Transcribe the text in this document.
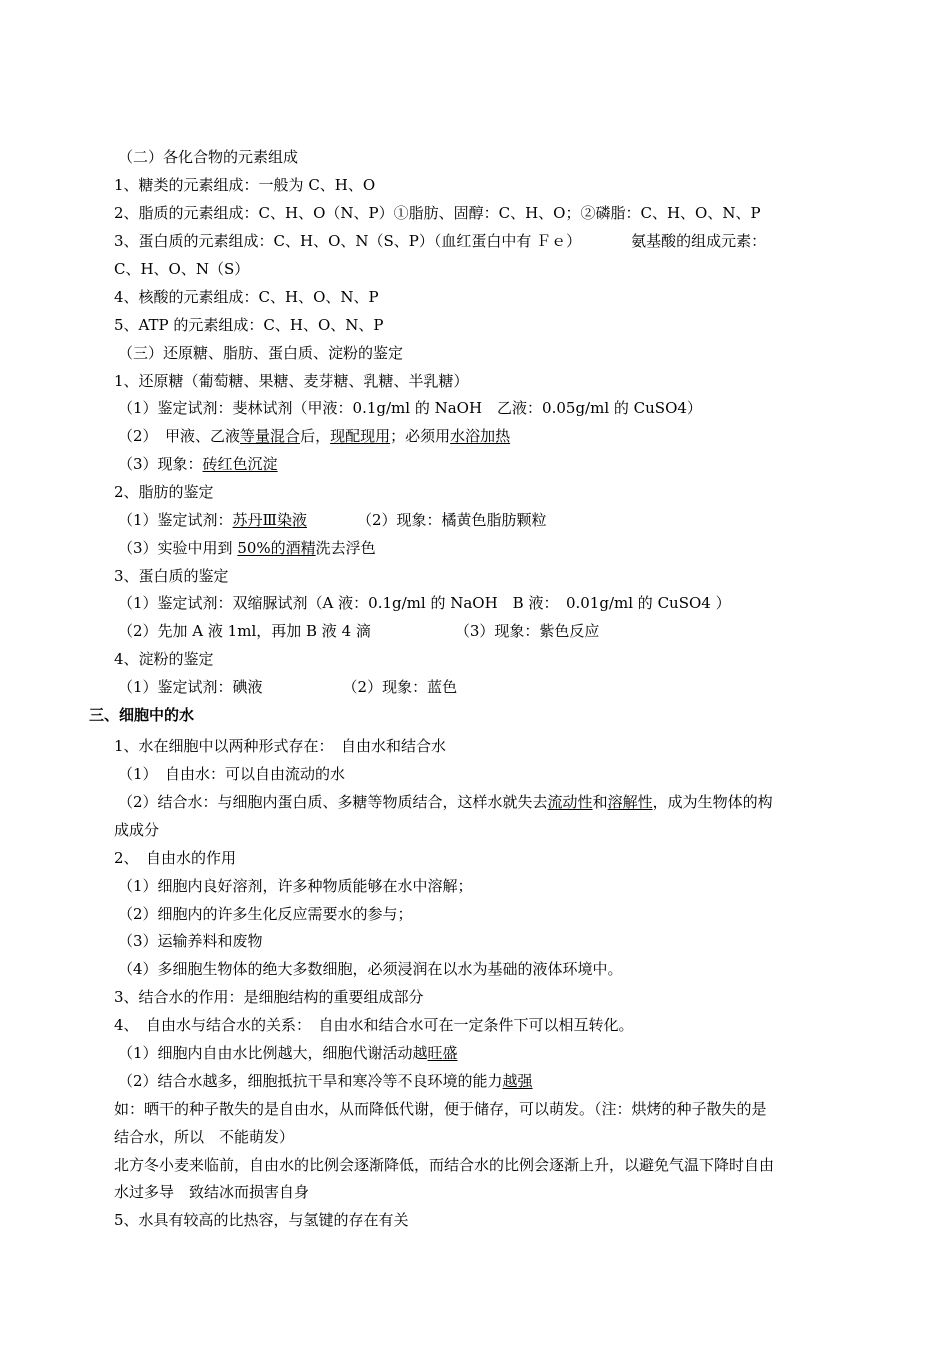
（二）各化合物的元素组成
1、糖类的元素组成：一般为 C、H、O
2、脂质的元素组成：C、H、O（N、P）①脂肪、固醇：C、H、O；②磷脂：C、H、O、N、P
3、蛋白质的元素组成：C、H、O、N（S、P）（血红蛋白中有 Ｆｅ）	氨基酸的组成元素：
C、H、O、N（S）
4、核酸的元素组成：C、H、O、N、P
5、ATP 的元素组成：C、H、O、N、P
（三）还原糖、脂肪、蛋白质、淀粉的鉴定
1、还原糖（葡萄糖、果糖、麦芽糖、乳糖、半乳糖）
（1）鉴定试剂：斐林试剂（甲液：0.1g/ml 的 NaOH　乙液：0.05g/ml 的 CuSO4）
（2）　甲液、乙液等量混合后，现配现用；必须用水浴加热
（3）现象：砖红色沉淀
2、脂肪的鉴定
（1）鉴定试剂：苏丹Ⅲ染液	（2）现象：橘黄色脂肪颗粒
（3）实验中用到 50%的酒精洗去浮色
3、蛋白质的鉴定
（1）鉴定试剂：双缩脲试剂（A 液：0.1g/ml 的 NaOH　B 液：　0.01g/ml 的 CuSO4 ）
（2）先加 A 液 1ml，再加 B 液 4 滴	（3）现象：紫色反应
4、淀粉的鉴定
（1）鉴定试剂：碘液	（2）现象：蓝色
三、细胞中的水
1、水在细胞中以两种形式存在：　自由水和结合水
（1）　自由水：可以自由流动的水
（2）结合水：与细胞内蛋白质、多糖等物质结合，这样水就失去流动性和溶解性，成为生物体的构
成成分
2、　自由水的作用
（1）细胞内良好溶剂，许多种物质能够在水中溶解；
（2）细胞内的许多生化反应需要水的参与；
（3）运输养料和废物
（4）多细胞生物体的绝大多数细胞，必须浸润在以水为基础的液体环境中。
3、结合水的作用：是细胞结构的重要组成部分
4、　自由水与结合水的关系：　自由水和结合水可在一定条件下可以相互转化。
（1）细胞内自由水比例越大，细胞代谢活动越旺盛
（2）结合水越多，细胞抵抗干旱和寒冷等不良环境的能力越强
如：晒干的种子散失的是自由水，从而降低代谢，便于储存，可以萌发。（注：烘烤的种子散失的是
结合水，所以　不能萌发）
北方冬小麦来临前，自由水的比例会逐渐降低，而结合水的比例会逐渐上升，以避免气温下降时自由
水过多导　致结冰而损害自身
5、水具有较高的比热容，与氢键的存在有关
